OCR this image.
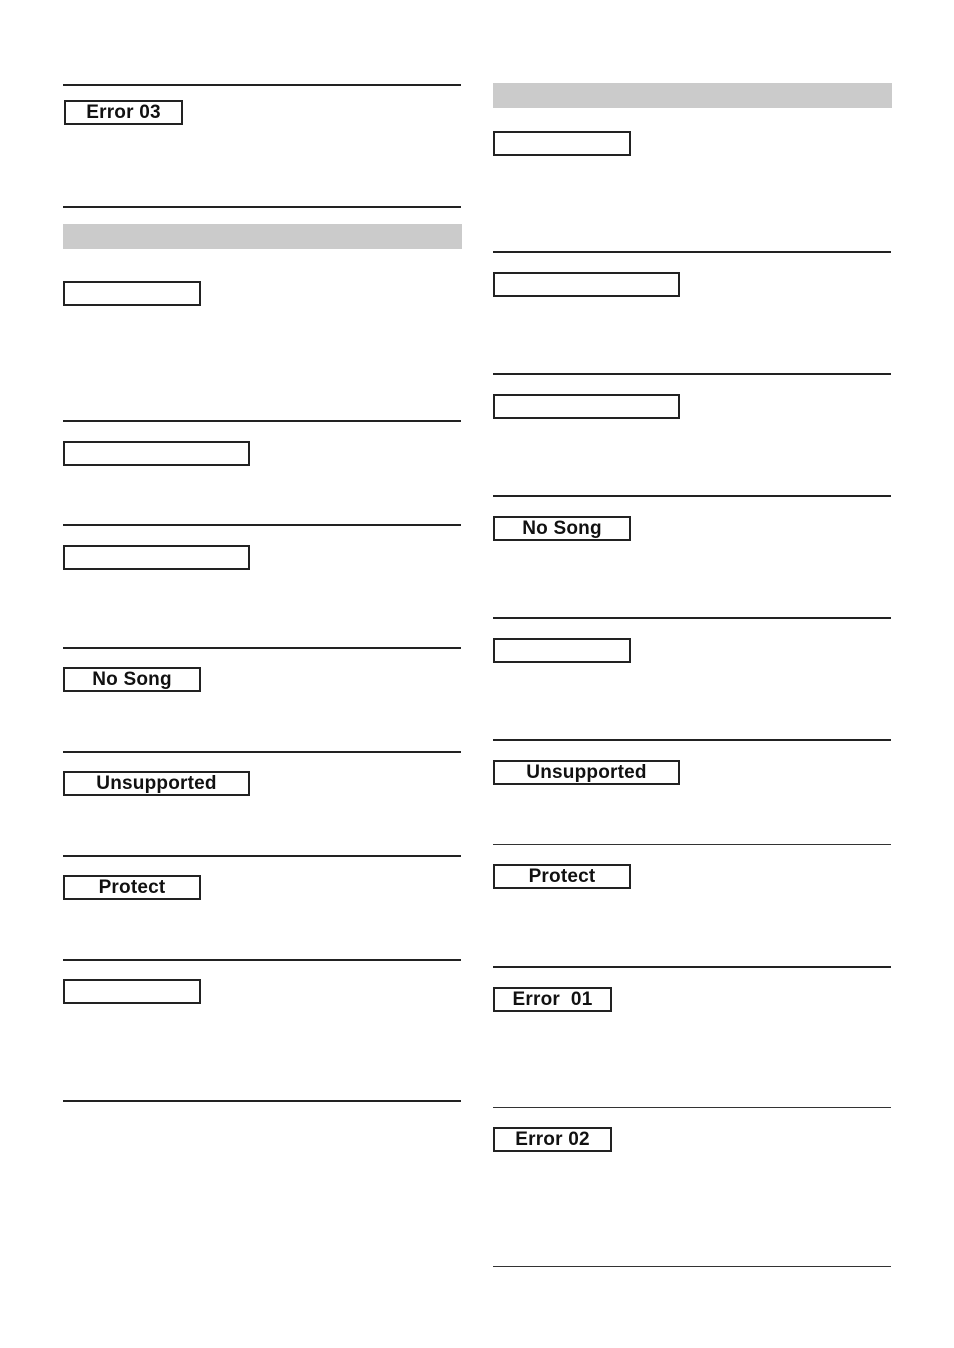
Error 03
No Song
Unsupported
Protect
No Song
Unsupported
Protect
Error  01
Error 02
